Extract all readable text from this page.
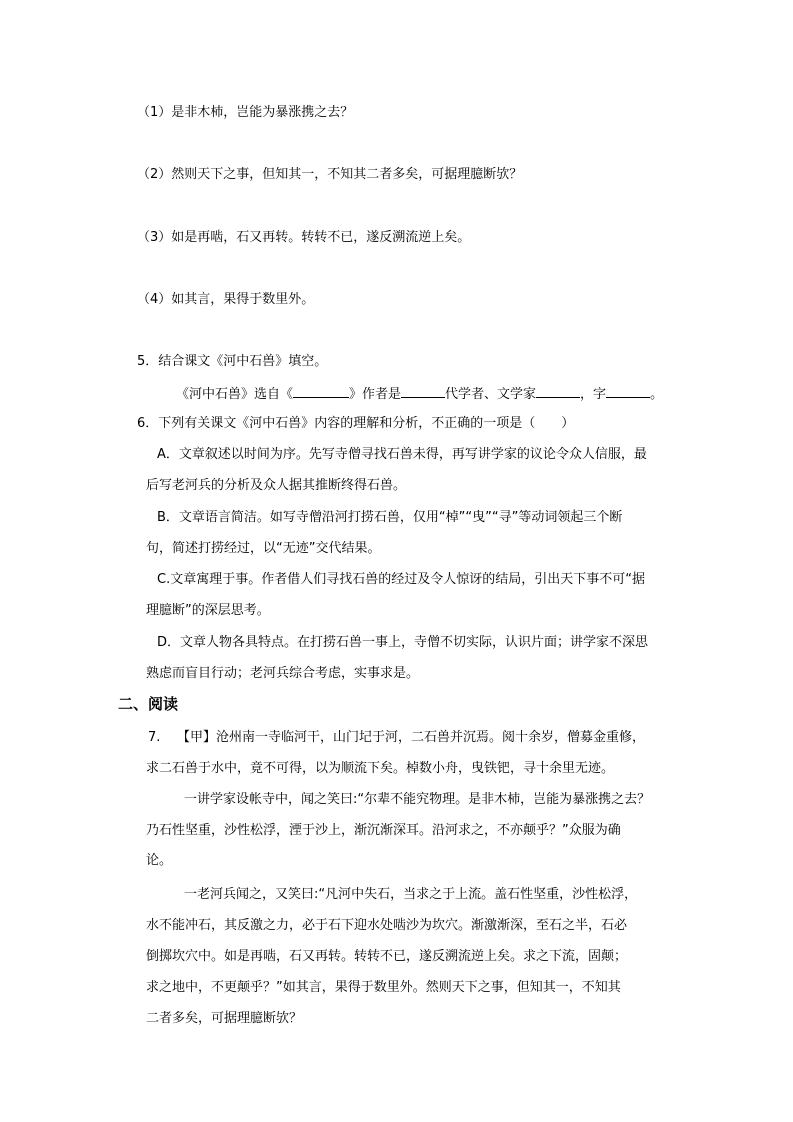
（1）是非木杮，岂能为暴涨携之去？
（2）然则天下之事，但知其一，不知其二者多矣，可据理臆断欤？
（3）如是再啮，石又再转。转转不已，遂反溯流逆上矣。
（4）如其言，果得于数里外。
5．结合课文《河中石兽》填空。
《河中石兽》选自《	》作者是	代学者、文学家	，字	。
6．下列有关课文《河中石兽》内容的理解和分析，不正确的一项是（　　）
A．文章叙述以时间为序。先写寺僧寻找石兽未得，再写讲学家的议论令众人信服，最
后写老河兵的分析及众人据其推断终得石兽。
B．文章语言简洁。如写寺僧沿河打捞石兽，仅用“棹”“曳”“寻”等动词领起三个断
句，简述打捞经过，以“无迹”交代结果。
C.文章寓理于事。作者借人们寻找石兽的经过及令人惊讶的结局，引出天下事不可“据
理臆断”的深层思考。
D．文章人物各具特点。在打捞石兽一事上，寺僧不切实际，认识片面；讲学家不深思
熟虑而盲目行动；老河兵综合考虑，实事求是。
二、阅读
7. 【甲】沧州南一寺临河干，山门圮于河，二石兽并沉焉。阅十余岁，僧募金重修，
求二石兽于水中，竟不可得，以为顺流下矣。棹数小舟，曳铁钯，寻十余里无迹。
一讲学家设帐寺中，闻之笑曰:“尔辈不能究物理。是非木杮，岂能为暴涨携之去？
乃石性坚重，沙性松浮，湮于沙上，渐沉渐深耳。沿河求之，不亦颠乎？”众服为确
论。
一老河兵闻之，又笑曰:“凡河中失石，当求之于上流。盖石性坚重，沙性松浮，
水不能冲石，其反激之力，必于石下迎水处啮沙为坎穴。渐激渐深，至石之半，石必
倒掷坎穴中。如是再啮，石又再转。转转不已，遂反溯流逆上矣。求之下流，固颠；
求之地中，不更颠乎？”如其言，果得于数里外。然则天下之事，但知其一，不知其
二者多矣，可据理臆断欤？
